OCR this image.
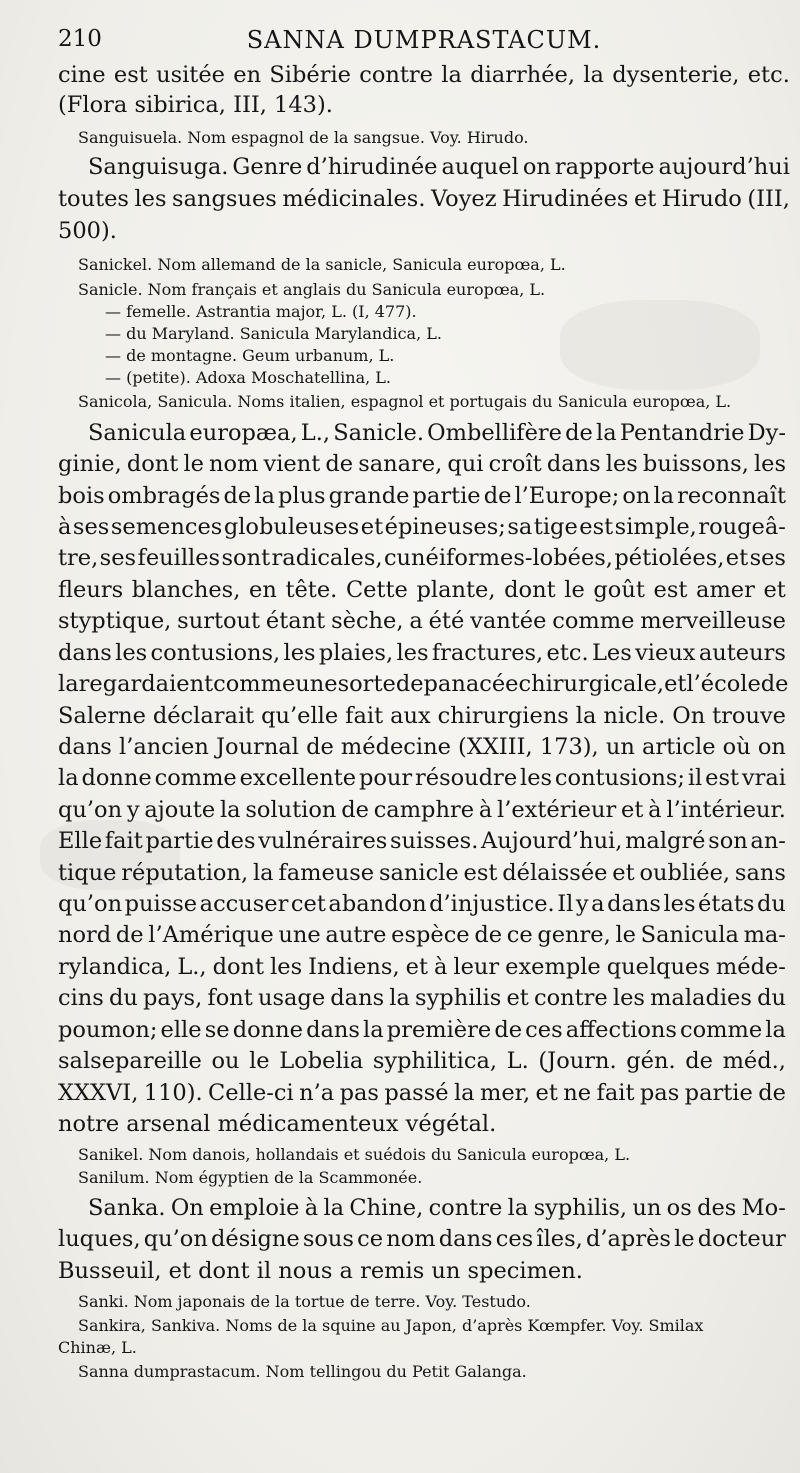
210	SANNA DUMPRASTACUM.
cine est usitée en Sibérie contre la diarrhée, la dysenterie, etc.
(Flora sibirica, III, 143).
Sanguisuela. Nom espagnol de la sangsue. Voy. Hirudo.
Sanguisuga. Genre d’hirudinée auquel on rapporte aujourd’hui
toutes les sangsues médicinales. Voyez Hirudinées et Hirudo (III,
500).
Sanickel. Nom allemand de la sanicle, Sanicula europœa, L.
Sanicle. Nom français et anglais du Sanicula europœa, L.
— femelle. Astrantia major, L. (I, 477).
— du Maryland. Sanicula Marylandica, L.
— de montagne. Geum urbanum, L.
— (petite). Adoxa Moschatellina, L.
Sanicola, Sanicula. Noms italien, espagnol et portugais du Sanicula europœa, L.
Sanicula europæa, L., Sanicle. Ombellifère de la Pentandrie Dy-
ginie, dont le nom vient de sanare, qui croît dans les buissons, les
bois ombragés de la plus grande partie de l’Europe; on la reconnaît
à ses semences globuleuses et épineuses; sa tige est simple, rougeâ-
tre, ses feuilles sont radicales, cunéiformes-lobées, pétiolées, et ses
fleurs blanches, en tête. Cette plante, dont le goût est amer et
styptique, surtout étant sèche, a été vantée comme merveilleuse
dans les contusions, les plaies, les fractures, etc. Les vieux auteurs
la regardaient comme une sorte de panacée chirurgicale, et l’école de
Salerne déclarait qu’elle fait aux chirurgiens la nicle. On trouve
dans l’ancien Journal de médecine (XXIII, 173), un article où on
la donne comme excellente pour résoudre les contusions; il est vrai
qu’on y ajoute la solution de camphre à l’extérieur et à l’intérieur.
Elle fait partie des vulnéraires suisses. Aujourd’hui, malgré son an-
tique réputation, la fameuse sanicle est délaissée et oubliée, sans
qu’on puisse accuser cet abandon d’injustice. Il y a dans les états du
nord de l’Amérique une autre espèce de ce genre, le Sanicula ma-
rylandica, L., dont les Indiens, et à leur exemple quelques méde-
cins du pays, font usage dans la syphilis et contre les maladies du
poumon; elle se donne dans la première de ces affections comme la
salsepareille ou le Lobelia syphilitica, L. (Journ. gén. de méd.,
XXXVI, 110). Celle-ci n’a pas passé la mer, et ne fait pas partie de
notre arsenal médicamenteux végétal.
Sanikel. Nom danois, hollandais et suédois du Sanicula europœa, L.
Sanilum. Nom égyptien de la Scammonée.
Sanka. On emploie à la Chine, contre la syphilis, un os des Mo-
luques, qu’on désigne sous ce nom dans ces îles, d’après le docteur
Busseuil, et dont il nous a remis un specimen.
Sanki. Nom japonais de la tortue de terre. Voy. Testudo.
Sankira, Sankiva. Noms de la squine au Japon, d’après Kœmpfer. Voy. Smilax
Chinæ, L.
Sanna dumprastacum. Nom tellingou du Petit Galanga.
